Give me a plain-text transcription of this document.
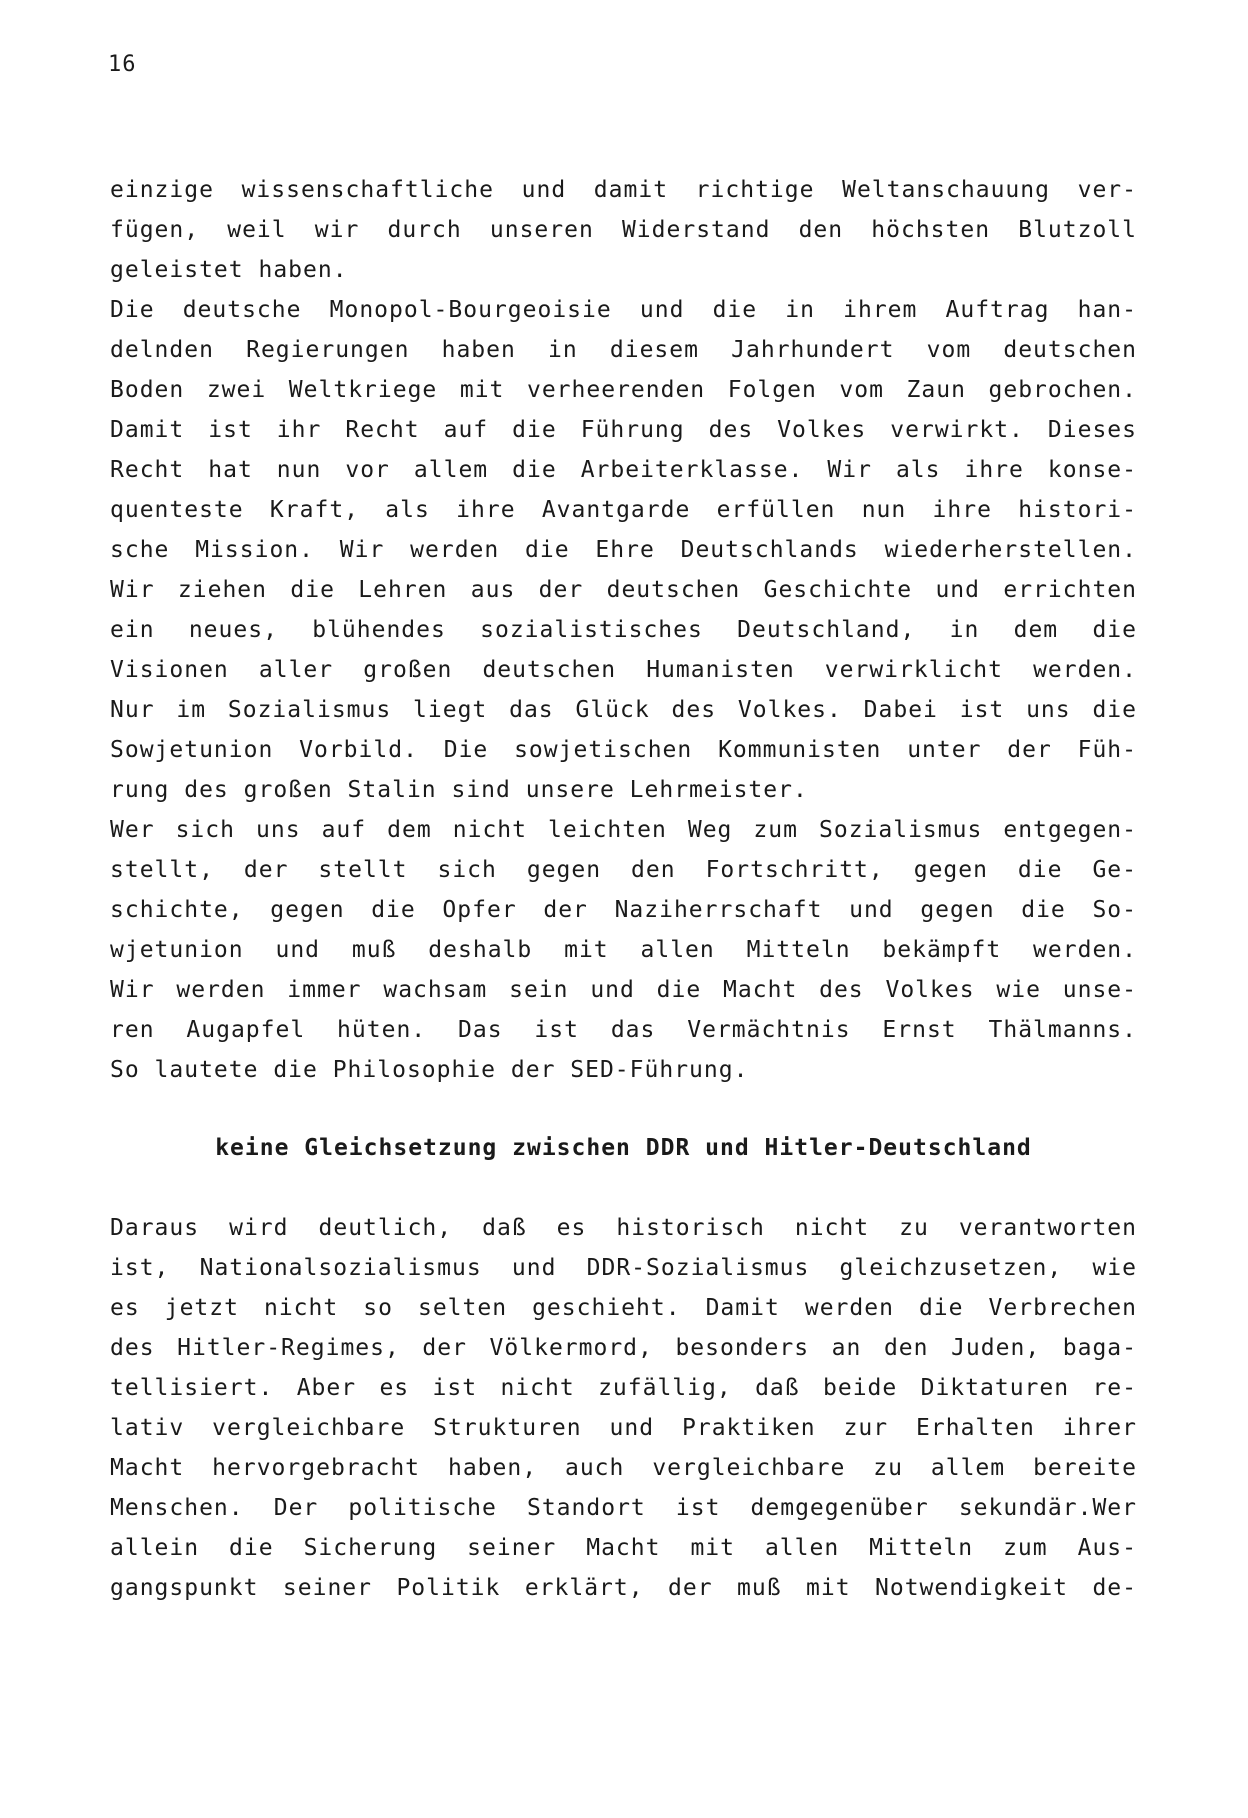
16
einzige wissenschaftliche und damit richtige Weltanschauung ver-
fügen, weil wir durch unseren Widerstand den höchsten Blutzoll
geleistet haben.
Die deutsche Monopol-Bourgeoisie und die in ihrem Auftrag han-
delnden Regierungen haben in diesem Jahrhundert vom deutschen
Boden zwei Weltkriege mit verheerenden Folgen vom Zaun gebrochen.
Damit ist ihr Recht auf die Führung des Volkes verwirkt. Dieses
Recht hat nun vor allem die Arbeiterklasse. Wir als ihre konse-
quenteste Kraft, als ihre Avantgarde erfüllen nun ihre histori-
sche Mission. Wir werden die Ehre Deutschlands wiederherstellen.
Wir ziehen die Lehren aus der deutschen Geschichte und errichten
ein neues, blühendes sozialistisches Deutschland, in dem die
Visionen aller großen deutschen Humanisten verwirklicht werden.
Nur im Sozialismus liegt das Glück des Volkes. Dabei ist uns die
Sowjetunion Vorbild. Die sowjetischen Kommunisten unter der Füh-
rung des großen Stalin sind unsere Lehrmeister.
Wer sich uns auf dem nicht leichten Weg zum Sozialismus entgegen-
stellt, der stellt sich gegen den Fortschritt, gegen die Ge-
schichte, gegen die Opfer der Naziherrschaft und gegen die So-
wjetunion und muß deshalb mit allen Mitteln bekämpft werden.
Wir werden immer wachsam sein und die Macht des Volkes wie unse-
ren Augapfel hüten. Das ist das Vermächtnis Ernst Thälmanns.
So lautete die Philosophie der SED-Führung.
keine Gleichsetzung zwischen DDR und Hitler-Deutschland
Daraus wird deutlich, daß es historisch nicht zu verantworten
ist, Nationalsozialismus und DDR-Sozialismus gleichzusetzen, wie
es jetzt nicht so selten geschieht. Damit werden die Verbrechen
des Hitler-Regimes, der Völkermord, besonders an den Juden, baga-
tellisiert. Aber es ist nicht zufällig, daß beide Diktaturen re-
lativ vergleichbare Strukturen und Praktiken zur Erhalten ihrer
Macht hervorgebracht haben, auch vergleichbare zu allem bereite
Menschen. Der politische Standort ist demgegenüber sekundär.Wer
allein die Sicherung seiner Macht mit allen Mitteln zum Aus-
gangspunkt seiner Politik erklärt, der muß mit Notwendigkeit de-
